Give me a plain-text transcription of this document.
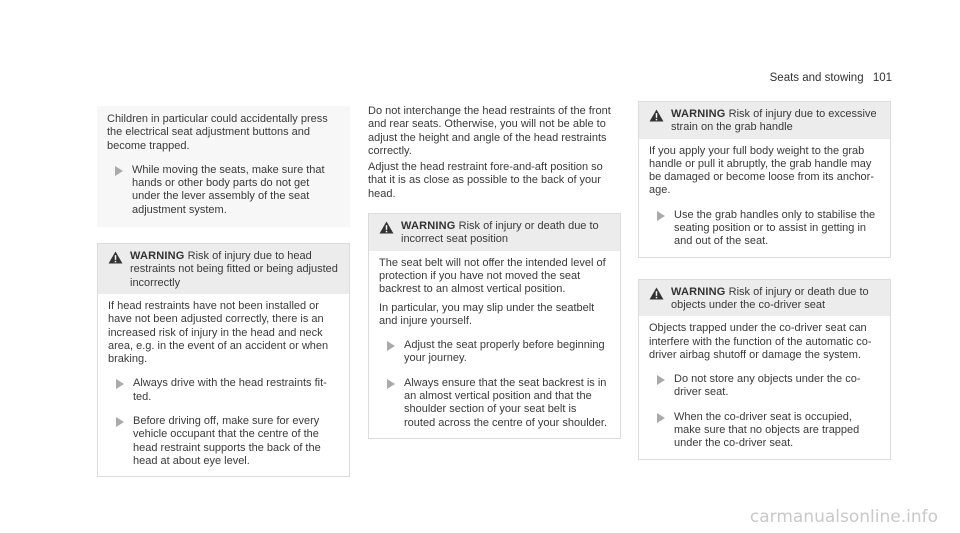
Seats and stowing 101

Children in particular could accidentally press the electrical seat adjustment buttons and become trapped.

While moving the seats, make sure that hands or other body parts do not get under the lever assembly of the seat adjustment system.

WARNING Risk of injury due to head restraints not being fitted or being adjusted incorrectly

If head restraints have not been installed or have not been adjusted correctly, there is an increased risk of injury in the head and neck area, e.g. in the event of an accident or when braking.

Always drive with the head restraints fitted.

Before driving off, make sure for every vehicle occupant that the centre of the head restraint supports the back of the head at about eye level.

Do not interchange the head restraints of the front and rear seats. Otherwise, you will not be able to adjust the height and angle of the head restraints correctly.

Adjust the head restraint fore-and-aft position so that it is as close as possible to the back of your head.

WARNING Risk of injury or death due to incorrect seat position

The seat belt will not offer the intended level of protection if you have not moved the seat backrest to an almost vertical position.

In particular, you may slip under the seatbelt and injure yourself.

Adjust the seat properly before beginning your journey.

Always ensure that the seat backrest is in an almost vertical position and that the shoulder section of your seat belt is routed across the centre of your shoulder.

WARNING Risk of injury due to excessive strain on the grab handle

If you apply your full body weight to the grab handle or pull it abruptly, the grab handle may be damaged or become loose from its anchorage.

Use the grab handles only to stabilise the seating position or to assist in getting in and out of the seat.

WARNING Risk of injury or death due to objects under the co-driver seat

Objects trapped under the co-driver seat can interfere with the function of the automatic co-driver airbag shutoff or damage the system.

Do not store any objects under the co-driver seat.

When the co-driver seat is occupied, make sure that no objects are trapped under the co-driver seat.

carmanualsonline.info
